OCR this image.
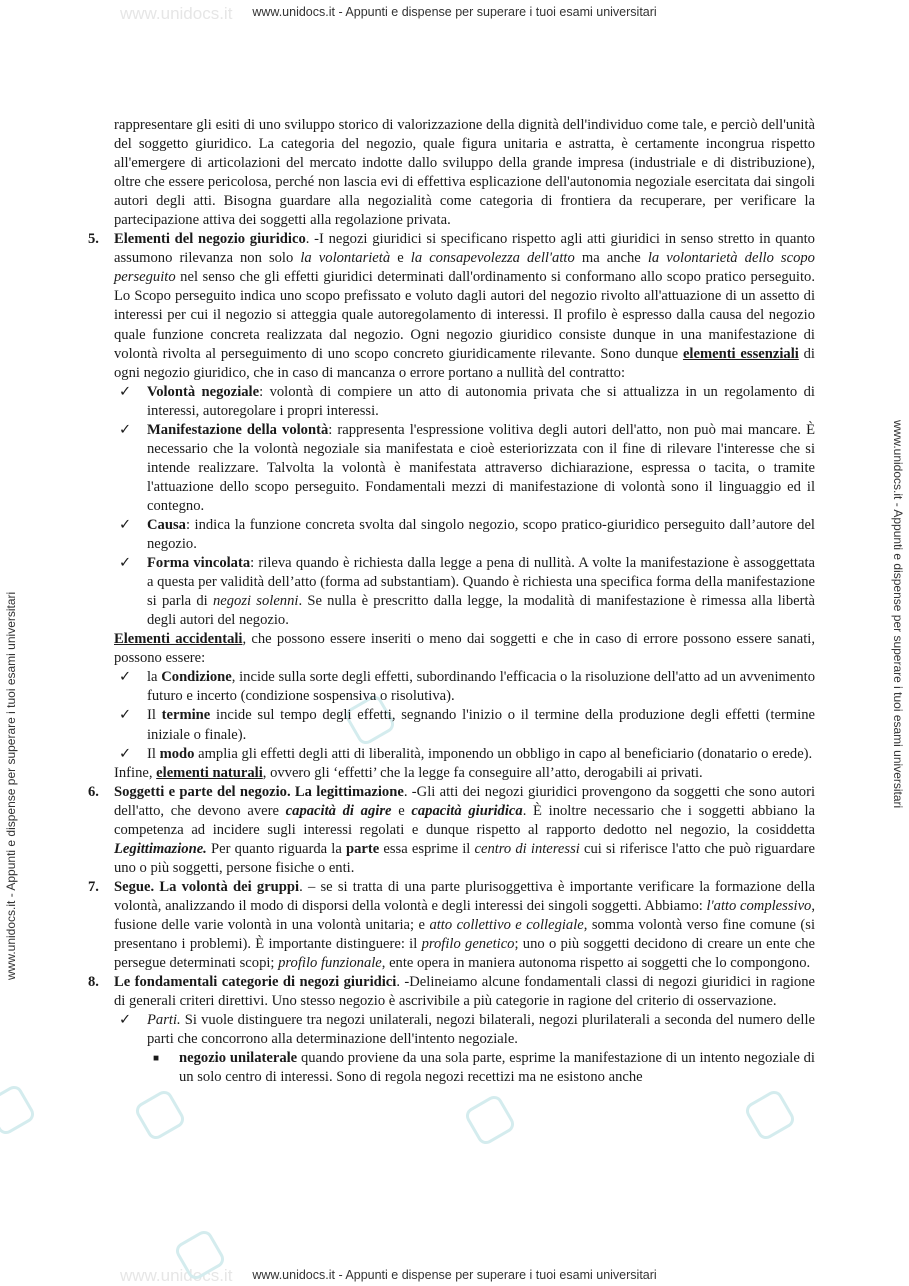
www.unidocs.it
www.unidocs.it
www.unidocs.it - Appunti e dispense per superare i tuoi esami universitari
www.unidocs.it - Appunti e dispense per superare i tuoi esami universitari
www.unidocs.it - Appunti e dispense per superare i tuoi esami universitari	www.unidocs.it - Appunti e dispense per superare i tuoi esami universitari

rappresentare gli esiti di uno sviluppo storico di valorizzazione della dignità dell'individuo come tale, e perciò dell'unità del soggetto giuridico. La categoria del negozio, quale figura unitaria e astratta, è certamente incongrua rispetto all'emergere di articolazioni del mercato indotte dallo sviluppo della grande impresa (industriale e di distribuzione), oltre che essere pericolosa, perché non lascia evi di effettiva esplicazione dell'autonomia negoziale esercitata dai singoli autori degli atti. Bisogna guardare alla negozialità come categoria di frontiera da recuperare, per verificare la partecipazione attiva dei soggetti alla regolazione privata.

5.	Elementi del negozio giuridico. -I negozi giuridici si specificano rispetto agli atti giuridici in senso stretto in quanto assumono rilevanza non solo la volontarietà e la consapevolezza dell'atto ma anche la volontarietà dello scopo perseguito nel senso che gli effetti giuridici determinati dall'ordinamento si conformano allo scopo pratico perseguito. Lo Scopo perseguito indica uno scopo prefissato e voluto dagli autori del negozio rivolto all'attuazione di un assetto di interessi per cui il negozio si atteggia quale autoregolamento di interessi. Il profilo è espresso dalla causa del negozio quale funzione concreta realizzata dal negozio. Ogni negozio giuridico consiste dunque in una manifestazione di volontà rivolta al perseguimento di uno scopo concreto giuridicamente rilevante. Sono dunque elementi essenziali di ogni negozio giuridico, che in caso di mancanza o errore portano a nullità del contratto:
✓	Volontà negoziale: volontà di compiere un atto di autonomia privata che si attualizza in un regolamento di interessi, autoregolare i propri interessi.
✓	Manifestazione della volontà: rappresenta l'espressione volitiva degli autori dell'atto, non può mai mancare. È necessario che la volontà negoziale sia manifestata e cioè esteriorizzata con il fine di rilevare l'interesse che si intende realizzare. Talvolta la volontà è manifestata attraverso dichiarazione, espressa o tacita, o tramite l'attuazione dello scopo perseguito. Fondamentali mezzi di manifestazione di volontà sono il linguaggio ed il contegno.
✓	Causa: indica la funzione concreta svolta dal singolo negozio, scopo pratico-giuridico perseguito dall’autore del negozio.
✓	Forma vincolata: rileva quando è richiesta dalla legge a pena di nullità. A volte la manifestazione è assoggettata a questa per validità dell’atto (forma ad substantiam). Quando è richiesta una specifica forma della manifestazione si parla di negozi solenni. Se nulla è prescritto dalla legge, la modalità di manifestazione è rimessa alla libertà degli autori del negozio.

Elementi accidentali, che possono essere inseriti o meno dai soggetti e che in caso di errore possono essere sanati, possono essere:

✓	la Condizione, incide sulla sorte degli effetti, subordinando l'efficacia o la risoluzione dell'atto ad un avvenimento futuro e incerto (condizione sospensiva o risolutiva).
✓	Il termine incide sul tempo degli effetti, segnando l'inizio o il termine della produzione degli effetti (termine iniziale o finale).
✓	Il modo amplia gli effetti degli atti di liberalità, imponendo un obbligo in capo al beneficiario (donatario o erede).

Infine, elementi naturali, ovvero gli ‘effetti’ che la legge fa conseguire all’atto, derogabili ai privati.

6.	Soggetti e parte del negozio. La legittimazione. -Gli atti dei negozi giuridici provengono da soggetti che sono autori dell'atto, che devono avere capacità di agire e capacità giuridica. È inoltre necessario che i soggetti abbiano la competenza ad incidere sugli interessi regolati e dunque rispetto al rapporto dedotto nel negozio, la cosiddetta Legittimazione. Per quanto riguarda la parte essa esprime il centro di interessi cui si riferisce l'atto che può riguardare uno o più soggetti, persone fisiche o enti.
7.	Segue. La volontà dei gruppi. – se si tratta di una parte plurisoggettiva è importante verificare la formazione della volontà, analizzando il modo di disporsi della volontà e degli interessi dei singoli soggetti. Abbiamo: l'atto complessivo, fusione delle varie volontà in una volontà unitaria; e atto collettivo e collegiale, somma volontà verso fine comune (si presentano i problemi). È importante distinguere: il profilo genetico; uno o più soggetti decidono di creare un ente che persegue determinati scopi; profilo funzionale, ente opera in maniera autonoma rispetto ai soggetti che lo compongono.
8.	Le fondamentali categorie di negozi giuridici. -Delineiamo alcune fondamentali classi di negozi giuridici in ragione di generali criteri direttivi. Uno stesso negozio è ascrivibile a più categorie in ragione del criterio di osservazione.
✓	Parti. Si vuole distinguere tra negozi unilaterali, negozi bilaterali, negozi plurilaterali a seconda del numero delle parti che concorrono alla determinazione dell'intento negoziale.
■	negozio unilaterale quando proviene da una sola parte, esprime la manifestazione di un intento negoziale di un solo centro di interessi. Sono di regola negozi recettizi ma ne esistono anche
